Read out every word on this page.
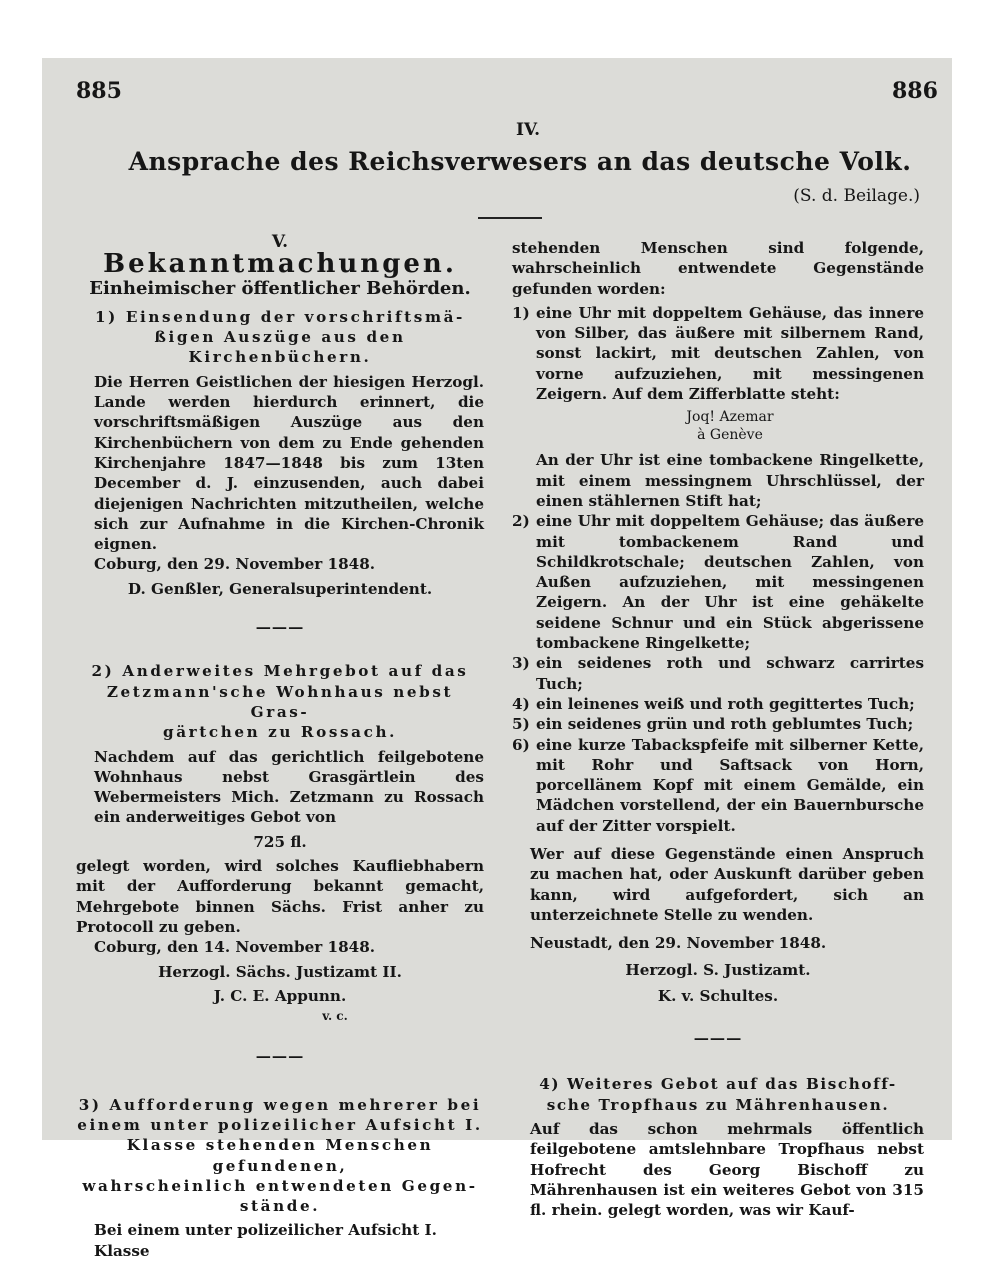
885	886
IV.
Ansprache des Reichsverwesers an das deutsche Volk.
(S. d. Beilage.)

V.

Bekanntmachungen.

Einheimischer öffentlicher Behörden.

1) Einsendung der vorschriftsmä-

ßigen Auszüge aus den Kirchenbüchern.

Die Herren Geistlichen der hiesigen Herzogl. Lande werden hierdurch erinnert, die vorschriftsmäßigen Auszüge aus den Kirchenbüchern von dem zu Ende gehenden Kirchenjahre 1847—1848 bis zum 13ten December d. J. einzusenden, auch dabei diejenigen Nachrichten mitzutheilen, welche sich zur Aufnahme in die Kirchen-Chronik eignen.

Coburg, den 29. November 1848.

D. Genßler, Generalsuperintendent.

———

2) Anderweites Mehrgebot auf das

Zetzmann'sche Wohnhaus nebst Gras-

gärtchen zu Rossach.

Nachdem auf das gerichtlich feilgebotene Wohnhaus nebst Grasgärtlein des Webermeisters Mich. Zetzmann zu Rossach ein anderweitiges Gebot von

725 fl.

gelegt worden, wird solches Kaufliebhabern mit der Aufforderung bekannt gemacht, Mehrgebote binnen Sächs. Frist anher zu Protocoll zu geben.

Coburg, den 14. November 1848.

Herzogl. Sächs. Justizamt II.

J. C. E. Appunn.

v. c.

———

3) Aufforderung wegen mehrerer bei

einem unter polizeilicher Aufsicht I.

Klasse stehenden Menschen gefundenen,

wahrscheinlich entwendeten Gegen-

stände.

Bei einem unter polizeilicher Aufsicht I. Klasse

stehenden Menschen sind folgende, wahrscheinlich entwendete Gegenstände gefunden worden:

1) eine Uhr mit doppeltem Gehäuse, das innere von Silber, das äußere mit silbernem Rand, sonst lackirt, mit deutschen Zahlen, von vorne aufzuziehen, mit messingenen Zeigern. Auf dem Zifferblatte steht:

Joq! Azemar

à Genève

An der Uhr ist eine tombackene Ringelkette, mit einem messingnem Uhrschlüssel, der einen stählernen Stift hat;

2) eine Uhr mit doppeltem Gehäuse; das äußere mit tombackenem Rand und Schildkrotschale; deutschen Zahlen, von Außen aufzuziehen, mit messingenen Zeigern. An der Uhr ist eine gehäkelte seidene Schnur und ein Stück abgerissene tombackene Ringelkette;
3) ein seidenes roth und schwarz carrirtes Tuch;
4) ein leinenes weiß und roth gegittertes Tuch;
5) ein seidenes grün und roth geblumtes Tuch;
6) eine kurze Tabackspfeife mit silberner Kette, mit Rohr und Saftsack von Horn, porcellänem Kopf mit einem Gemälde, ein Mädchen vorstellend, der ein Bauernbursche auf der Zitter vorspielt.

Wer auf diese Gegenstände einen Anspruch zu machen hat, oder Auskunft darüber geben kann, wird aufgefordert, sich an unterzeichnete Stelle zu wenden.

Neustadt, den 29. November 1848.

Herzogl. S. Justizamt.

K. v. Schultes.

———

4) Weiteres Gebot auf das Bischoff-

sche Tropfhaus zu Mährenhausen.

Auf das schon mehrmals öffentlich feilgebotene amtslehnbare Tropfhaus nebst Hofrecht des Georg Bischoff zu Mährenhausen ist ein weiteres Gebot von 315 fl. rhein. gelegt worden, was wir Kauf-
